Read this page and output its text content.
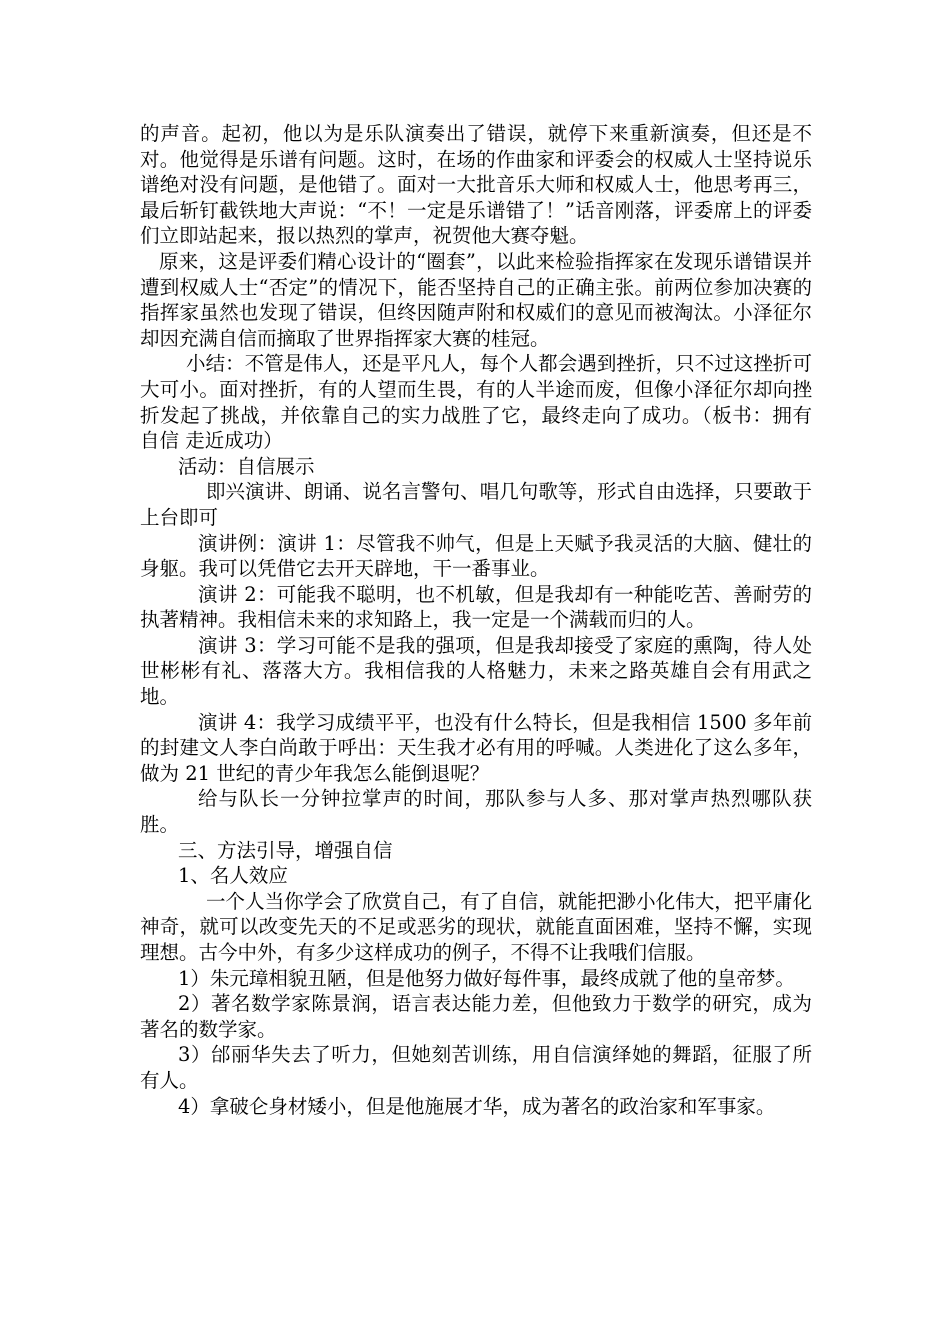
的声音。起初，他以为是乐队演奏出了错误，就停下来重新演奏，但还是不对。他觉得是乐谱有问题。这时，在场的作曲家和评委会的权威人士坚持说乐谱绝对没有问题，是他错了。面对一大批音乐大师和权威人士，他思考再三，最后斩钉截铁地大声说：“不！一定是乐谱错了！”话音刚落，评委席上的评委们立即站起来，报以热烈的掌声，祝贺他大赛夺魁。

原来，这是评委们精心设计的“圈套”，以此来检验指挥家在发现乐谱错误并遭到权威人士“否定”的情况下，能否坚持自己的正确主张。前两位参加决赛的指挥家虽然也发现了错误，但终因随声附和权威们的意见而被淘汰。小泽征尔却因充满自信而摘取了世界指挥家大赛的桂冠。

小结：不管是伟人，还是平凡人，每个人都会遇到挫折，只不过这挫折可大可小。面对挫折，有的人望而生畏，有的人半途而废，但像小泽征尔却向挫折发起了挑战，并依靠自己的实力战胜了它，最终走向了成功。（板书：拥有自信 走近成功）

活动：自信展示

即兴演讲、朗诵、说名言警句、唱几句歌等，形式自由选择，只要敢于上台即可

演讲例：演讲 1：尽管我不帅气，但是上天赋予我灵活的大脑、健壮的身躯。我可以凭借它去开天辟地，干一番事业。

演讲 2：可能我不聪明，也不机敏，但是我却有一种能吃苦、善耐劳的执著精神。我相信未来的求知路上，我一定是一个满载而归的人。

演讲 3：学习可能不是我的强项，但是我却接受了家庭的熏陶，待人处世彬彬有礼、落落大方。我相信我的人格魅力，未来之路英雄自会有用武之地。

演讲 4：我学习成绩平平，也没有什么特长，但是我相信 1500 多年前的封建文人李白尚敢于呼出：天生我才必有用的呼喊。人类进化了这么多年，做为 21 世纪的青少年我怎么能倒退呢？

给与队长一分钟拉掌声的时间，那队参与人多、那对掌声热烈哪队获胜。

三、方法引导，增强自信

1、名人效应

一个人当你学会了欣赏自己，有了自信，就能把渺小化伟大，把平庸化神奇，就可以改变先天的不足或恶劣的现状，就能直面困难，坚持不懈，实现理想。古今中外，有多少这样成功的例子，不得不让我哦们信服。

1）朱元璋相貌丑陋，但是他努力做好每件事，最终成就了他的皇帝梦。

2）著名数学家陈景润，语言表达能力差，但他致力于数学的研究，成为著名的数学家。

3）邰丽华失去了听力，但她刻苦训练，用自信演绎她的舞蹈，征服了所有人。

4）拿破仑身材矮小，但是他施展才华，成为著名的政治家和军事家。
